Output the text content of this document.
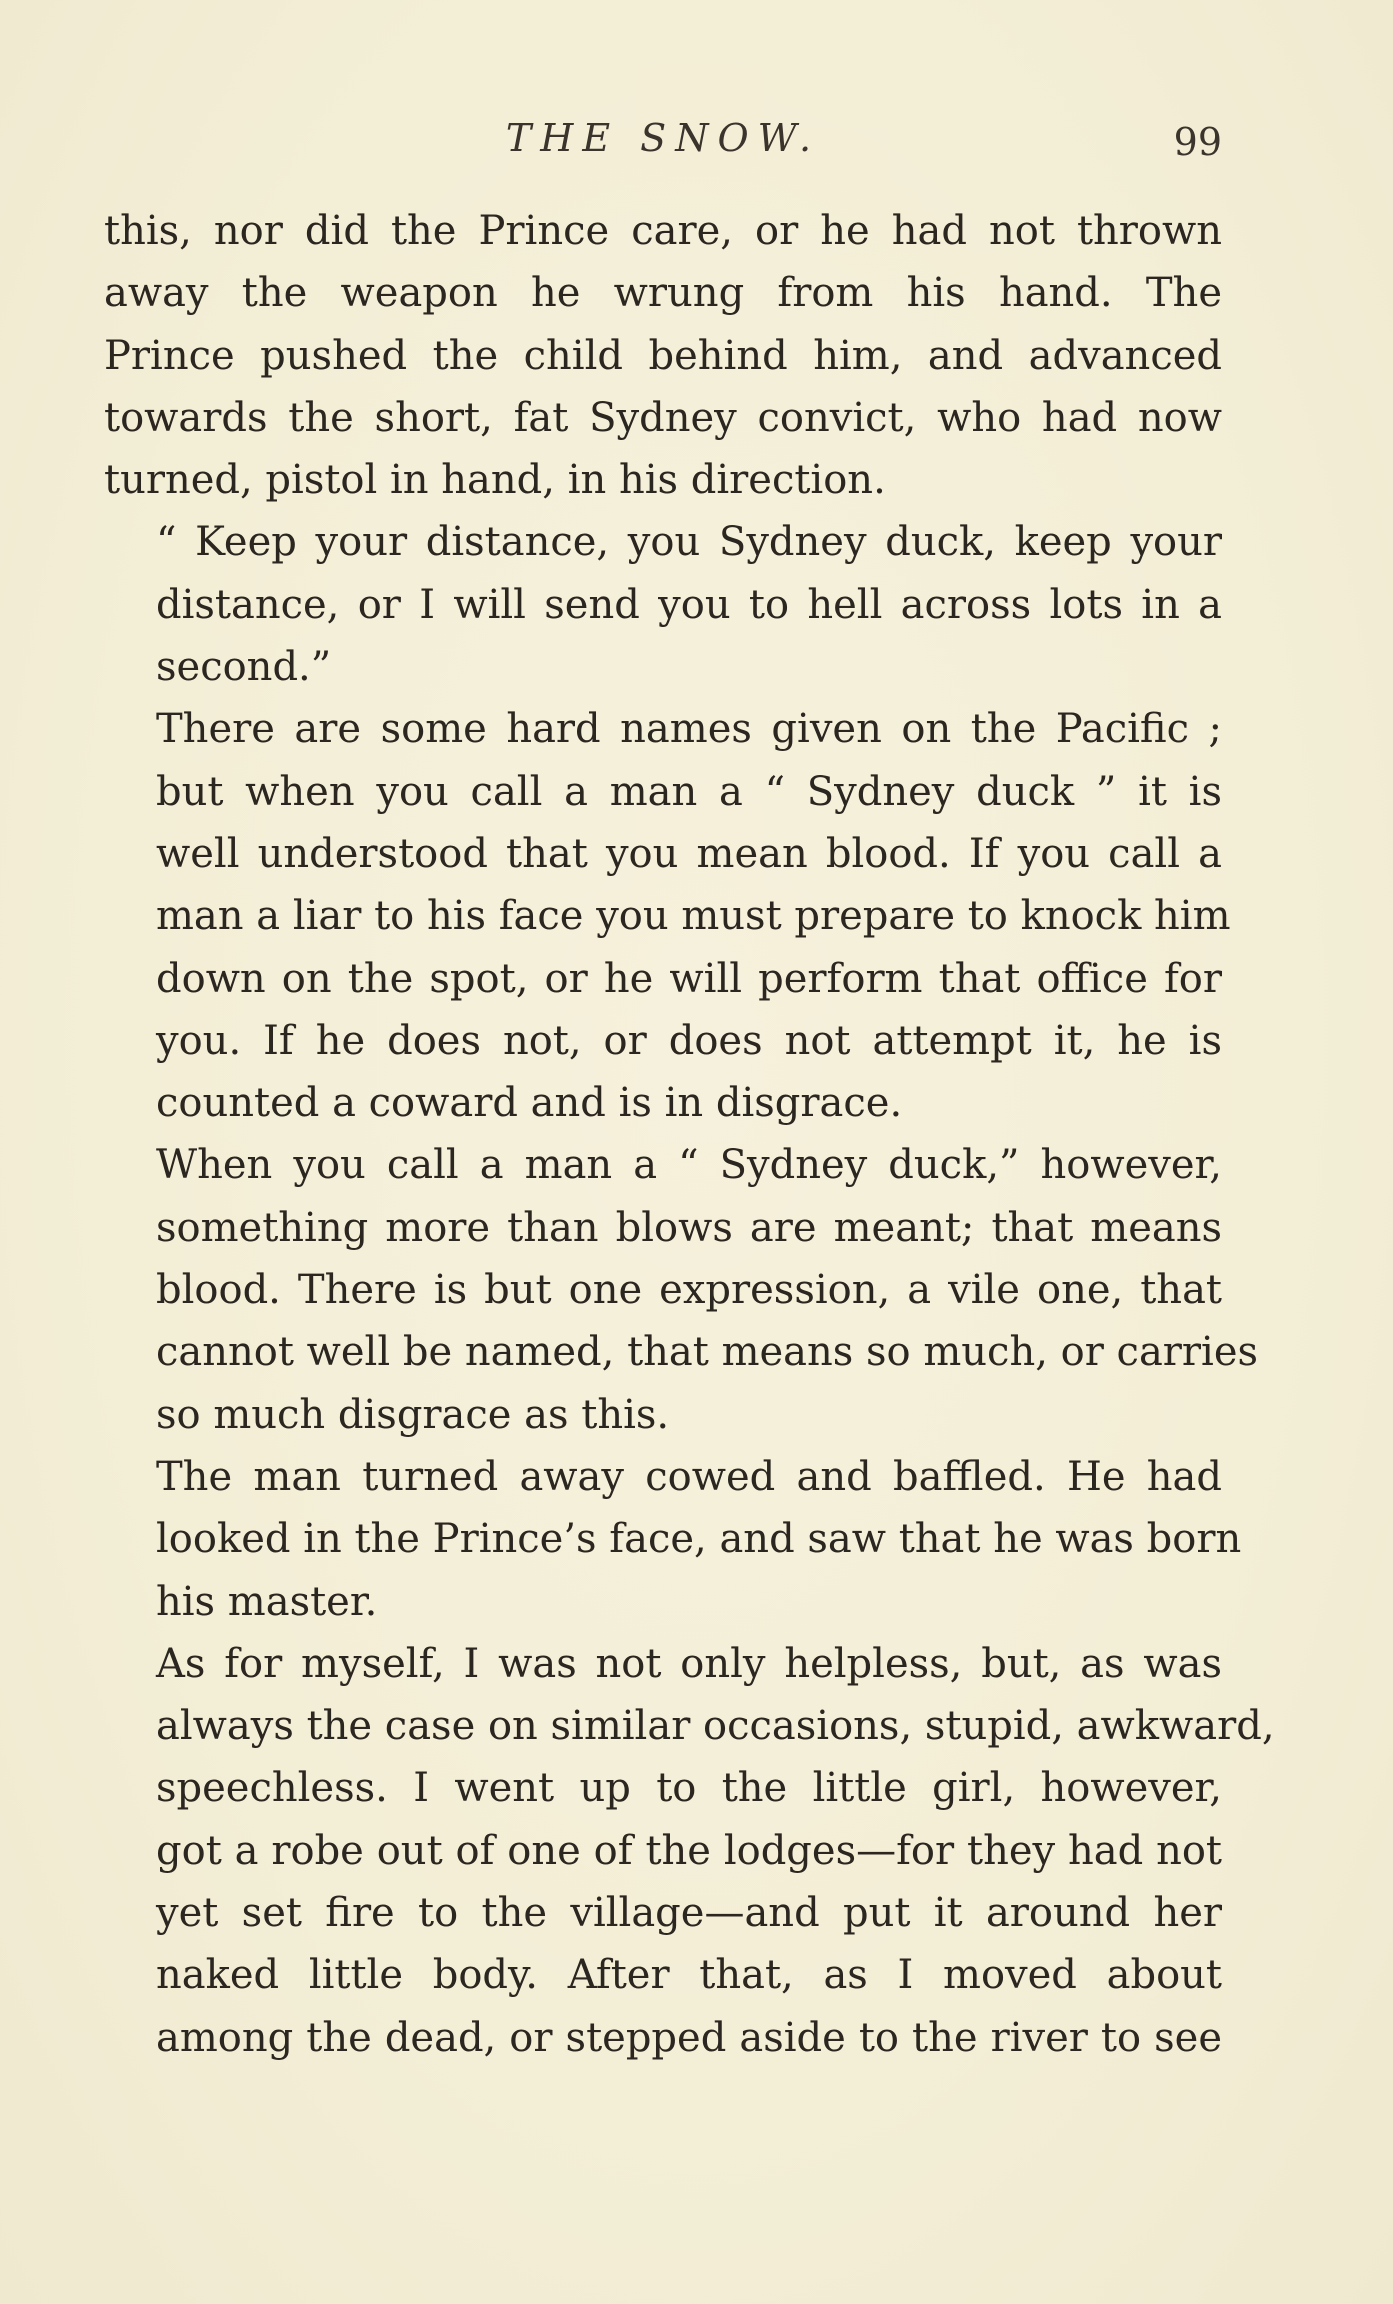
THE SNOW.	99

this, nor did the Prince care, or he had not thrown
away the weapon he wrung from his hand. The
Prince pushed the child behind him, and advanced
towards the short, fat Sydney convict, who had now
turned, pistol in hand, in his direction.

“ Keep your distance, you Sydney duck, keep your
distance, or I will send you to hell across lots in a
second.”

There are some hard names given on the Pacific ;
but when you call a man a “ Sydney duck ” it is
well understood that you mean blood. If you call a
man a liar to his face you must prepare to knock him
down on the spot, or he will perform that office for
you. If he does not, or does not attempt it, he is
counted a coward and is in disgrace.

When you call a man a “ Sydney duck,” however,
something more than blows are meant; that means
blood. There is but one expression, a vile one, that
cannot well be named, that means so much, or carries
so much disgrace as this.

The man turned away cowed and baffled. He had
looked in the Prince’s face, and saw that he was born
his master.

As for myself, I was not only helpless, but, as was
always the case on similar occasions, stupid, awkward,
speechless. I went up to the little girl, however,
got a robe out of one of the lodges—for they had not
yet set fire to the village—and put it around her
naked little body. After that, as I moved about
among the dead, or stepped aside to the river to see
